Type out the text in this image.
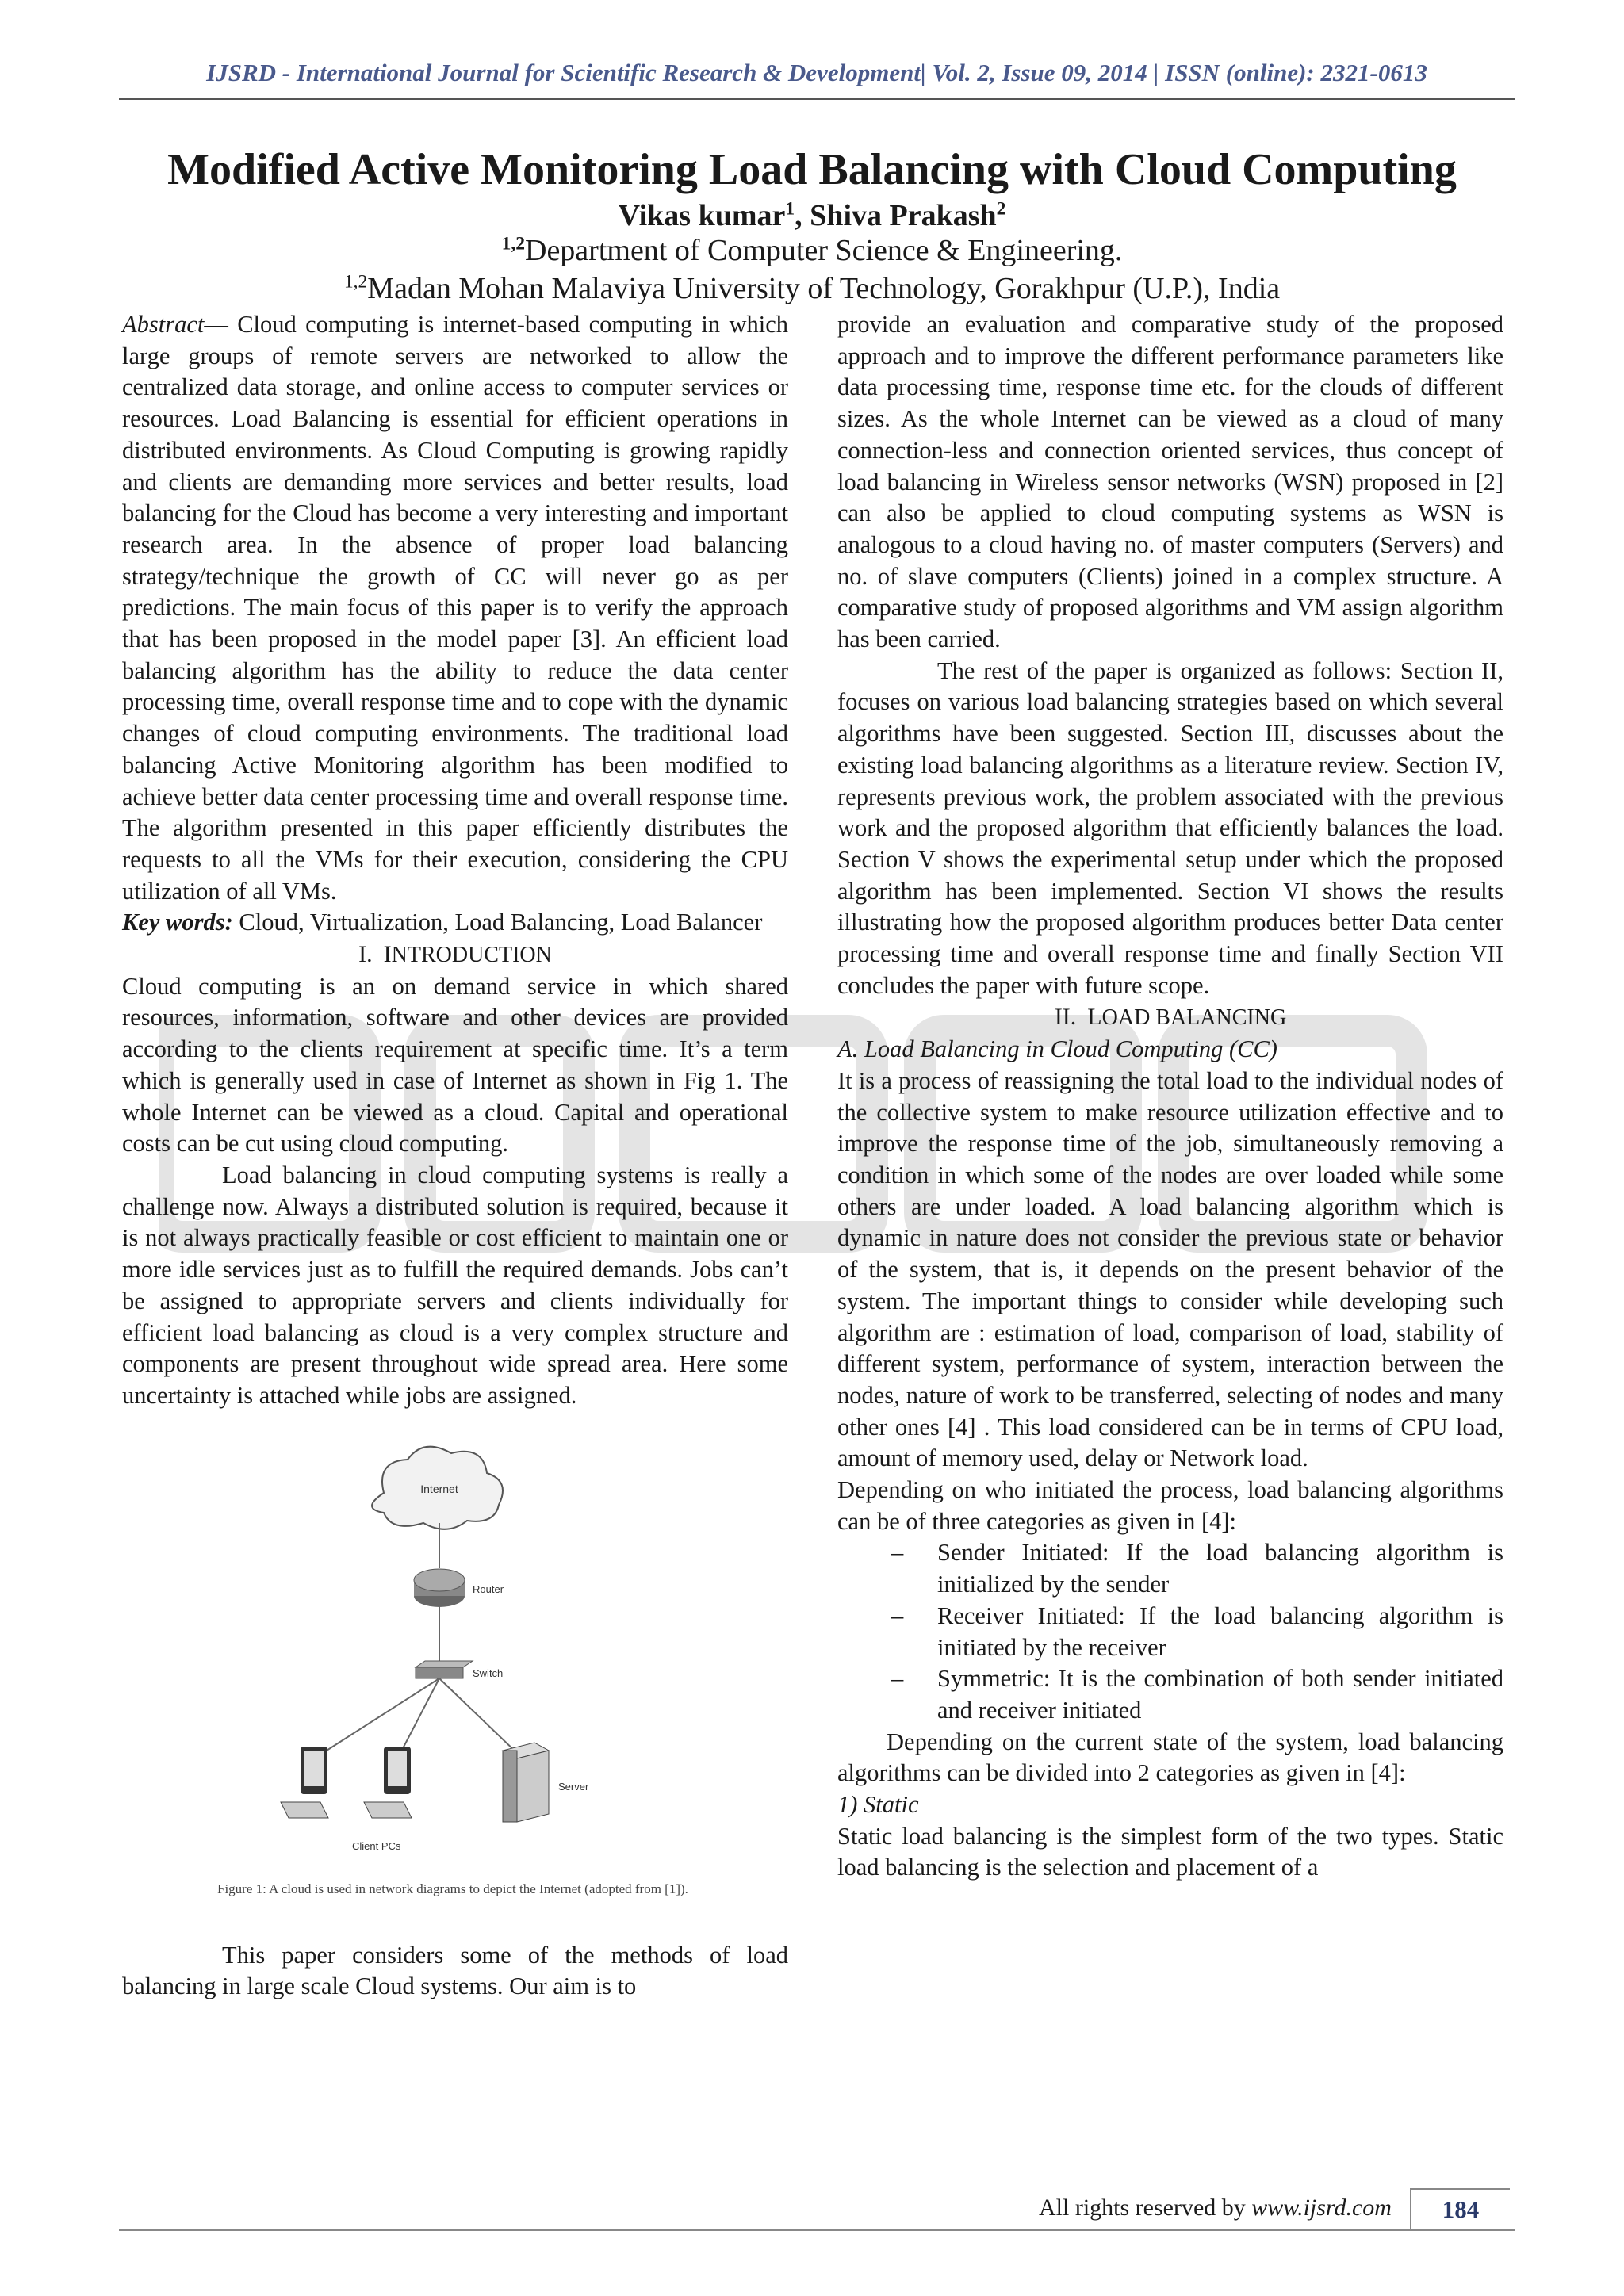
IJSRD - International Journal for Scientific Research & Development| Vol. 2, Issue 09, 2014 | ISSN (online): 2321-0613
Modified Active Monitoring Load Balancing with Cloud Computing
Vikas kumar$^1$, Shiva Prakash$^2$
$^{1,2}$Department of Computer Science & Engineering.
$^{1,2}$Madan Mohan Malaviya University of Technology, Gorakhpur (U.P.), India

Abstract— Cloud computing is internet-based computing in which large groups of remote servers are networked to allow the centralized data storage, and online access to computer services or resources. Load Balancing is essential for efficient operations in distributed environments. As Cloud Computing is growing rapidly and clients are demanding more services and better results, load balancing for the Cloud has become a very interesting and important research area. In the absence of proper load balancing strategy/technique the growth of CC will never go as per predictions. The main focus of this paper is to verify the approach that has been proposed in the model paper [3]. An efficient load balancing algorithm has the ability to reduce the data center processing time, overall response time and to cope with the dynamic changes of cloud computing environments. The traditional load balancing Active Monitoring algorithm has been modified to achieve better data center processing time and overall response time. The algorithm presented in this paper efficiently distributes the requests to all the VMs for their execution, considering the CPU utilization of all VMs.

Key words: Cloud, Virtualization, Load Balancing, Load Balancer

I. INTRODUCTION

Cloud computing is an on demand service in which shared resources, information, software and other devices are provided according to the clients requirement at specific time. It’s a term which is generally used in case of Internet as shown in Fig 1. The whole Internet can be viewed as a cloud. Capital and operational costs can be cut using cloud computing.

Load balancing in cloud computing systems is really a challenge now. Always a distributed solution is required, because it is not always practically feasible or cost efficient to maintain one or more idle services just as to fulfill the required demands. Jobs can’t be assigned to appropriate servers and clients individually for efficient load balancing as cloud is a very complex structure and components are present throughout wide spread area. Here some uncertainty is attached while jobs are assigned.

Internet
Router
Switch
Client PCs
Server
Figure 1: A cloud is used in network diagrams to depict the Internet (adopted from [1]).

This paper considers some of the methods of load balancing in large scale Cloud systems. Our aim is to

provide an evaluation and comparative study of the proposed approach and to improve the different performance parameters like data processing time, response time etc. for the clouds of different sizes. As the whole Internet can be viewed as a cloud of many connection-less and connection oriented services, thus concept of load balancing in Wireless sensor networks (WSN) proposed in [2] can also be applied to cloud computing systems as WSN is analogous to a cloud having no. of master computers (Servers) and no. of slave computers (Clients) joined in a complex structure. A comparative study of proposed algorithms and VM assign algorithm has been carried.

The rest of the paper is organized as follows: Section II, focuses on various load balancing strategies based on which several algorithms have been suggested. Section III, discusses about the existing load balancing algorithms as a literature review. Section IV, represents previous work, the problem associated with the previous work and the proposed algorithm that efficiently balances the load. Section V shows the experimental setup under which the proposed algorithm has been implemented. Section VI shows the results illustrating how the proposed algorithm produces better Data center processing time and overall response time and finally Section VII concludes the paper with future scope.

II. LOAD BALANCING

A. Load Balancing in Cloud Computing (CC)

It is a process of reassigning the total load to the individual nodes of the collective system to make resource utilization effective and to improve the response time of the job, simultaneously removing a condition in which some of the nodes are over loaded while some others are under loaded. A load balancing algorithm which is dynamic in nature does not consider the previous state or behavior of the system, that is, it depends on the present behavior of the system. The important things to consider while developing such algorithm are : estimation of load, comparison of load, stability of different system, performance of system, interaction between the nodes, nature of work to be transferred, selecting of nodes and many other ones [4] . This load considered can be in terms of CPU load, amount of memory used, delay or Network load.

Depending on who initiated the process, load balancing algorithms can be of three categories as given in [4]:

– Sender Initiated: If the load balancing algorithm is initialized by the sender
– Receiver Initiated: If the load balancing algorithm is initiated by the receiver
– Symmetric: It is the combination of both sender initiated and receiver initiated

Depending on the current state of the system, load balancing algorithms can be divided into 2 categories as given in [4]:

1) Static

Static load balancing is the simplest form of the two types. Static load balancing is the selection and placement of a

All rights reserved by www.ijsrd.com	184
